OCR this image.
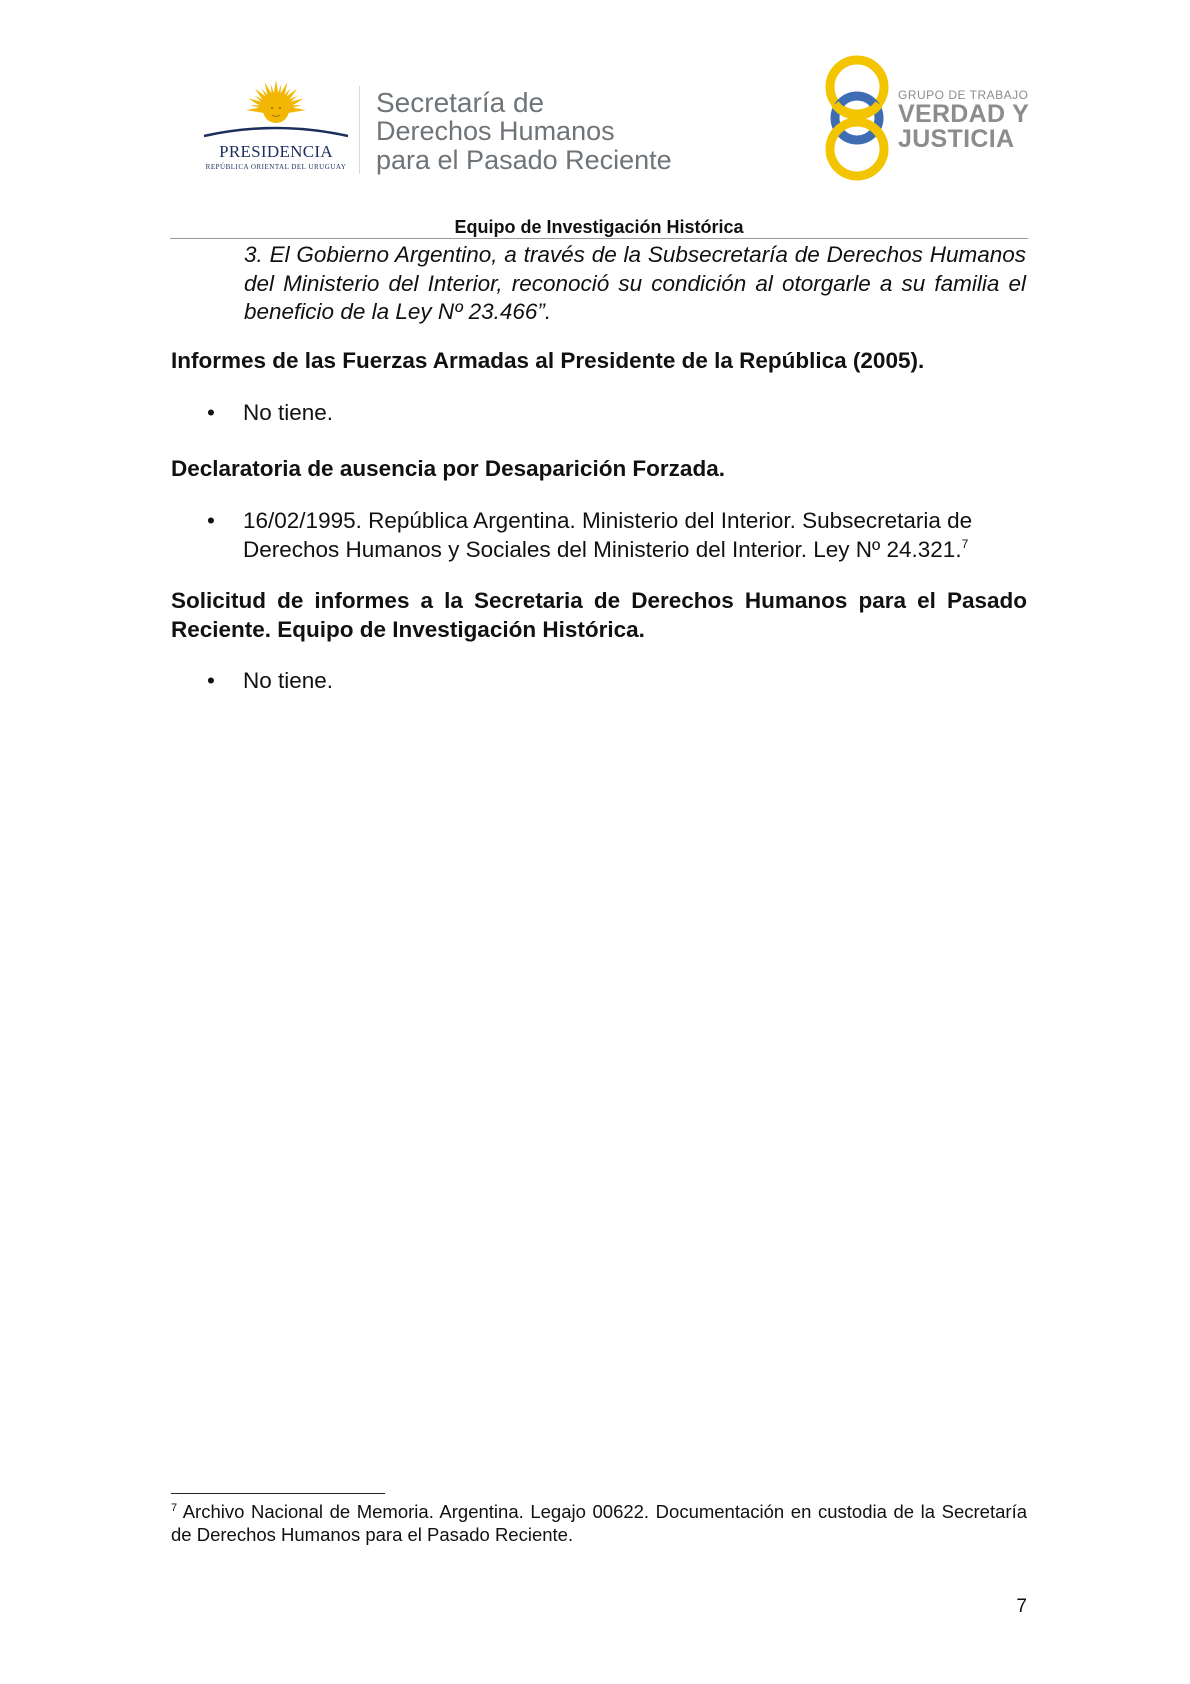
PRESIDENCIA
REPÚBLICA ORIENTAL DEL URUGUAY
Secretaría de
Derechos Humanos
para el Pasado Reciente
GRUPO DE TRABAJO
VERDAD Y
JUSTICIA
Equipo de Investigación Histórica
3. El Gobierno Argentino, a través de la Subsecretaría de Derechos Humanos del Ministerio del Interior, reconoció su condición al otorgarle a su familia el beneficio de la Ley Nº 23.466”.
Informes de las Fuerzas Armadas al Presidente de la República (2005).
• No tiene.
Declaratoria de ausencia por Desaparición Forzada.
• 16/02/1995. República Argentina. Ministerio del Interior. Subsecretaria de Derechos Humanos y Sociales del Ministerio del Interior. Ley Nº 24.321.$^7$
Solicitud de informes a la Secretaria de Derechos Humanos para el Pasado Reciente. Equipo de Investigación Histórica.
• No tiene.
$^7$ Archivo Nacional de Memoria. Argentina. Legajo 00622. Documentación en custodia de la Secretaría de Derechos Humanos para el Pasado Reciente.
7
